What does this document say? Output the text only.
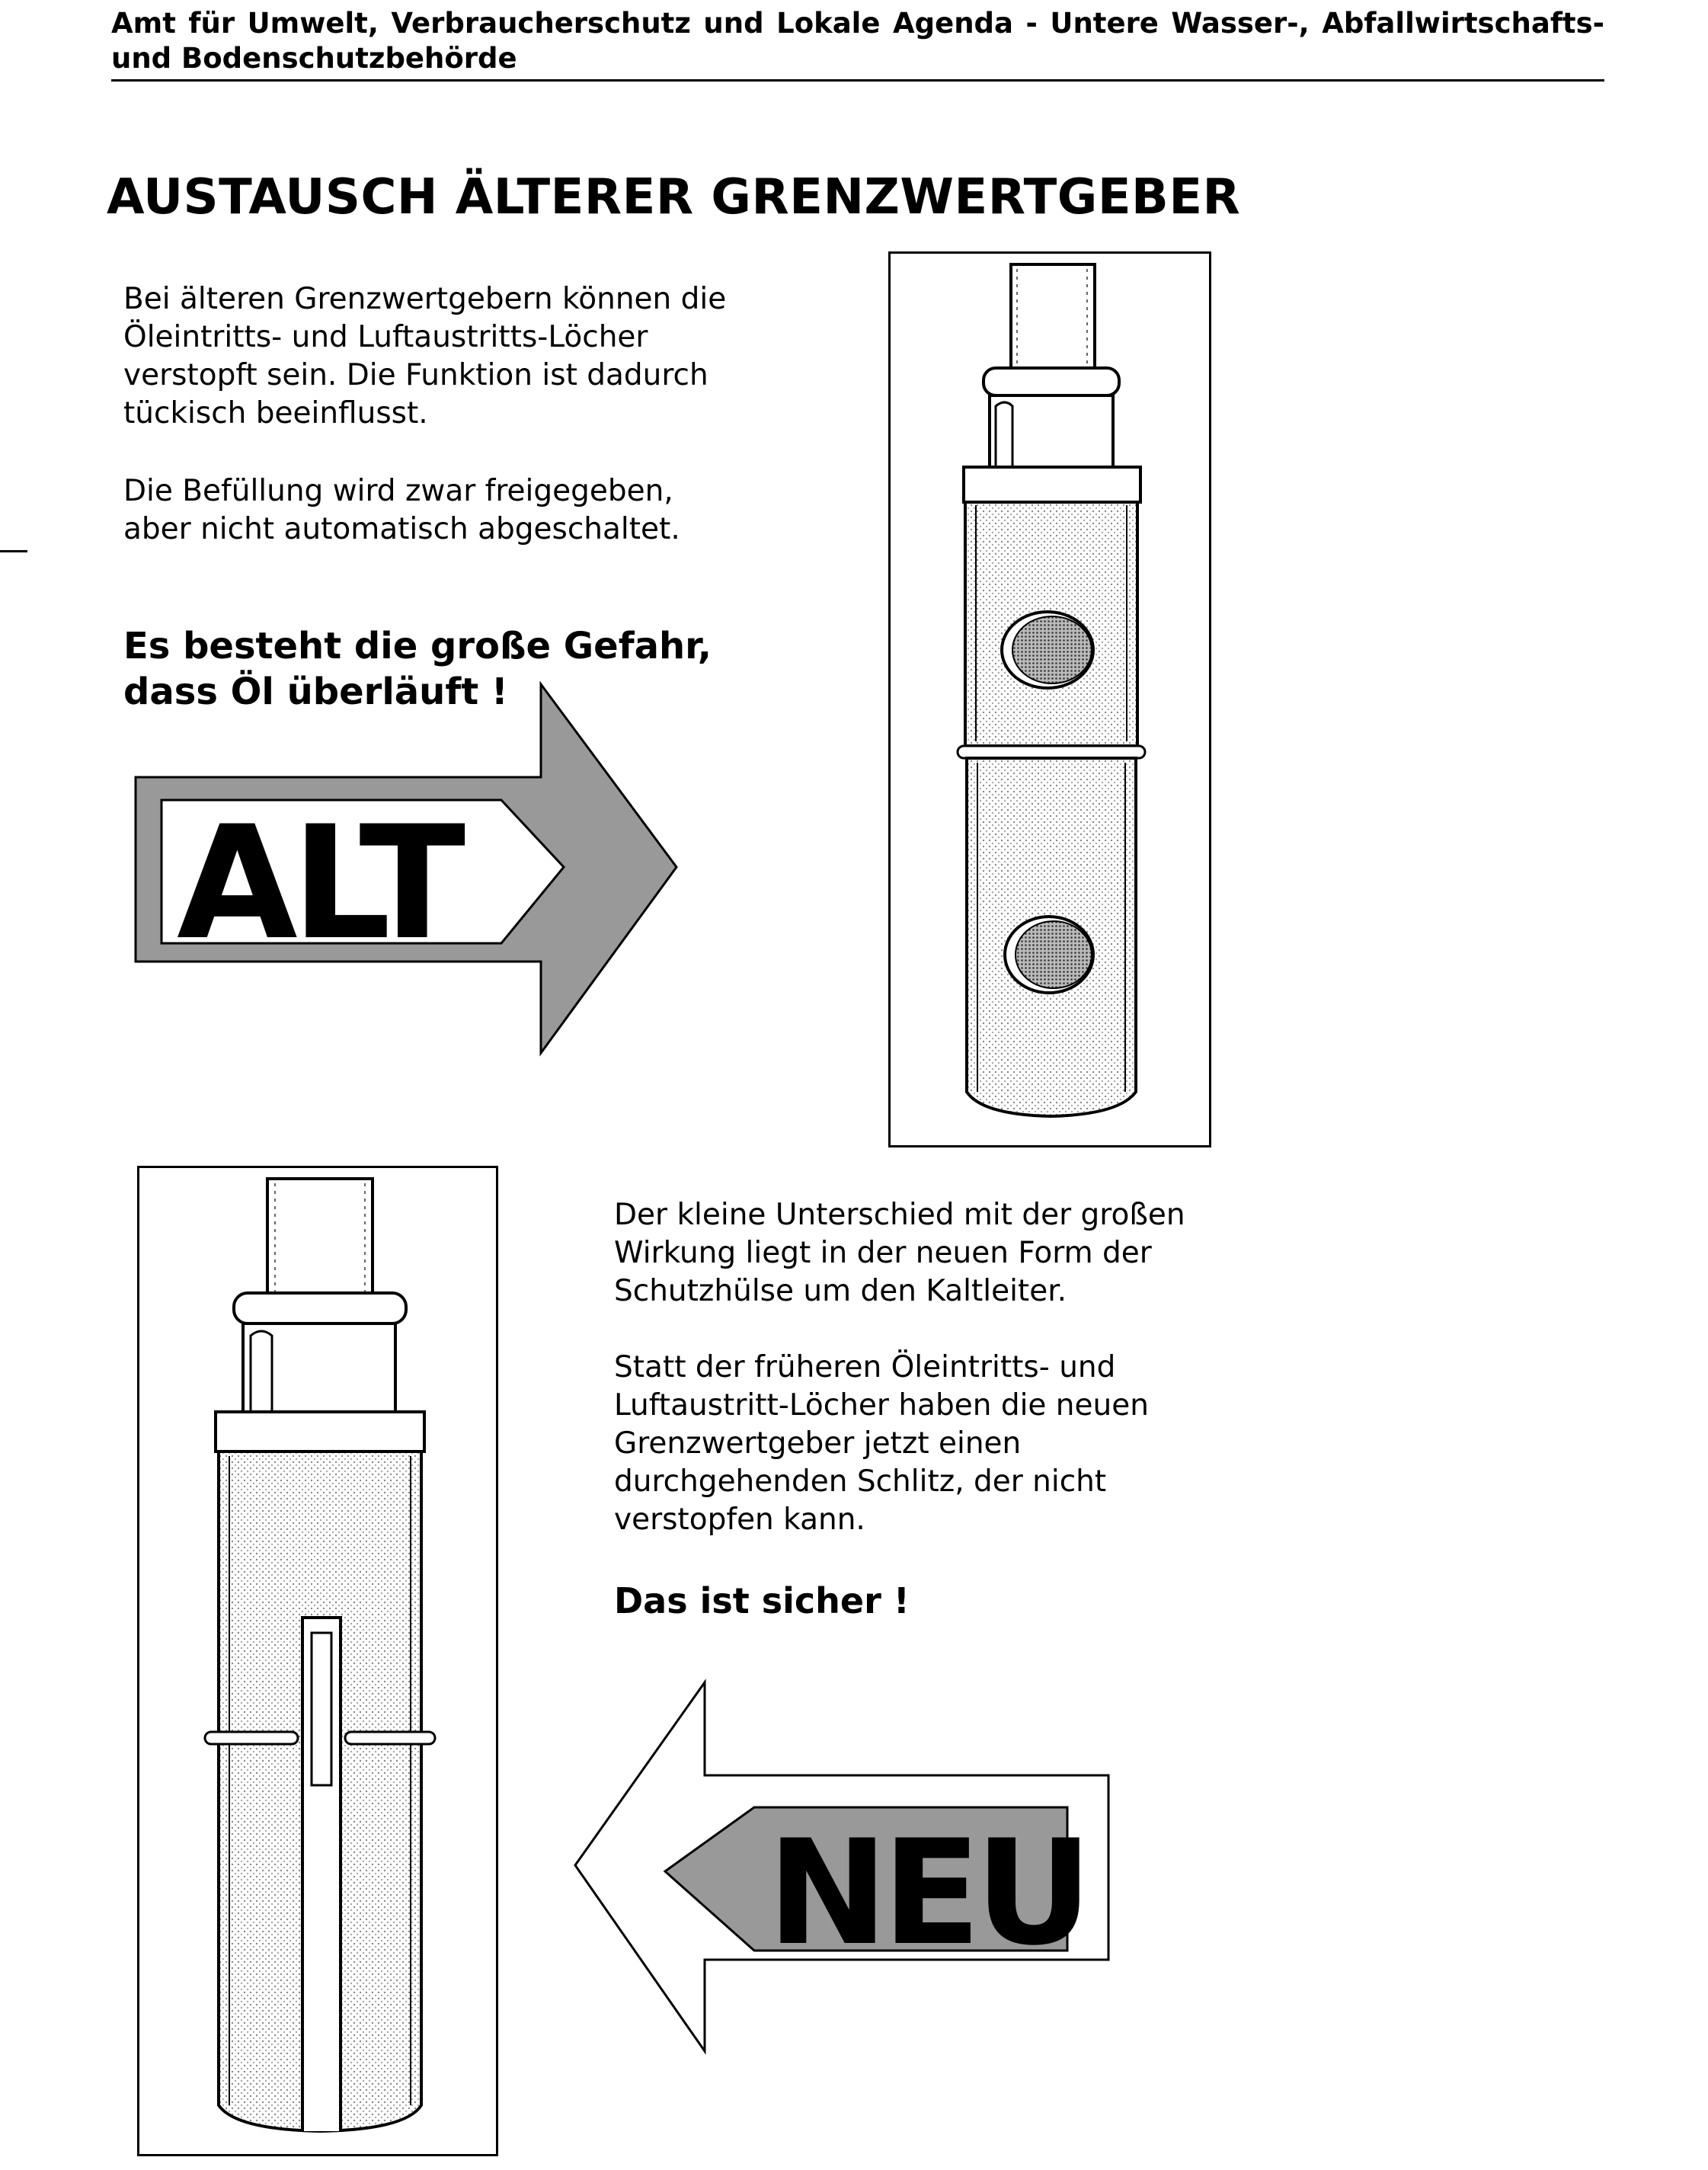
Amt für Umwelt, Verbraucherschutz und Lokale Agenda - Untere Wasser-, Abfallwirtschafts- und Bodenschutzbehörde
AUSTAUSCH ÄLTERER GRENZWERTGEBER
Bei älteren Grenzwertgebern können die
Öleintritts- und Luftaustritts-Löcher
verstopft sein. Die Funktion ist dadurch
tückisch beeinflusst.
Die Befüllung wird zwar freigegeben,
aber nicht automatisch abgeschaltet.
Es besteht die große Gefahr,
dass Öl überläuft !
ALT
Der kleine Unterschied mit der großen
Wirkung liegt in der neuen Form der
Schutzhülse um den Kaltleiter.
Statt der früheren Öleintritts- und
Luftaustritt-Löcher haben die neuen
Grenzwertgeber jetzt einen
durchgehenden Schlitz, der nicht
verstopfen kann.
Das ist sicher !
NEU
